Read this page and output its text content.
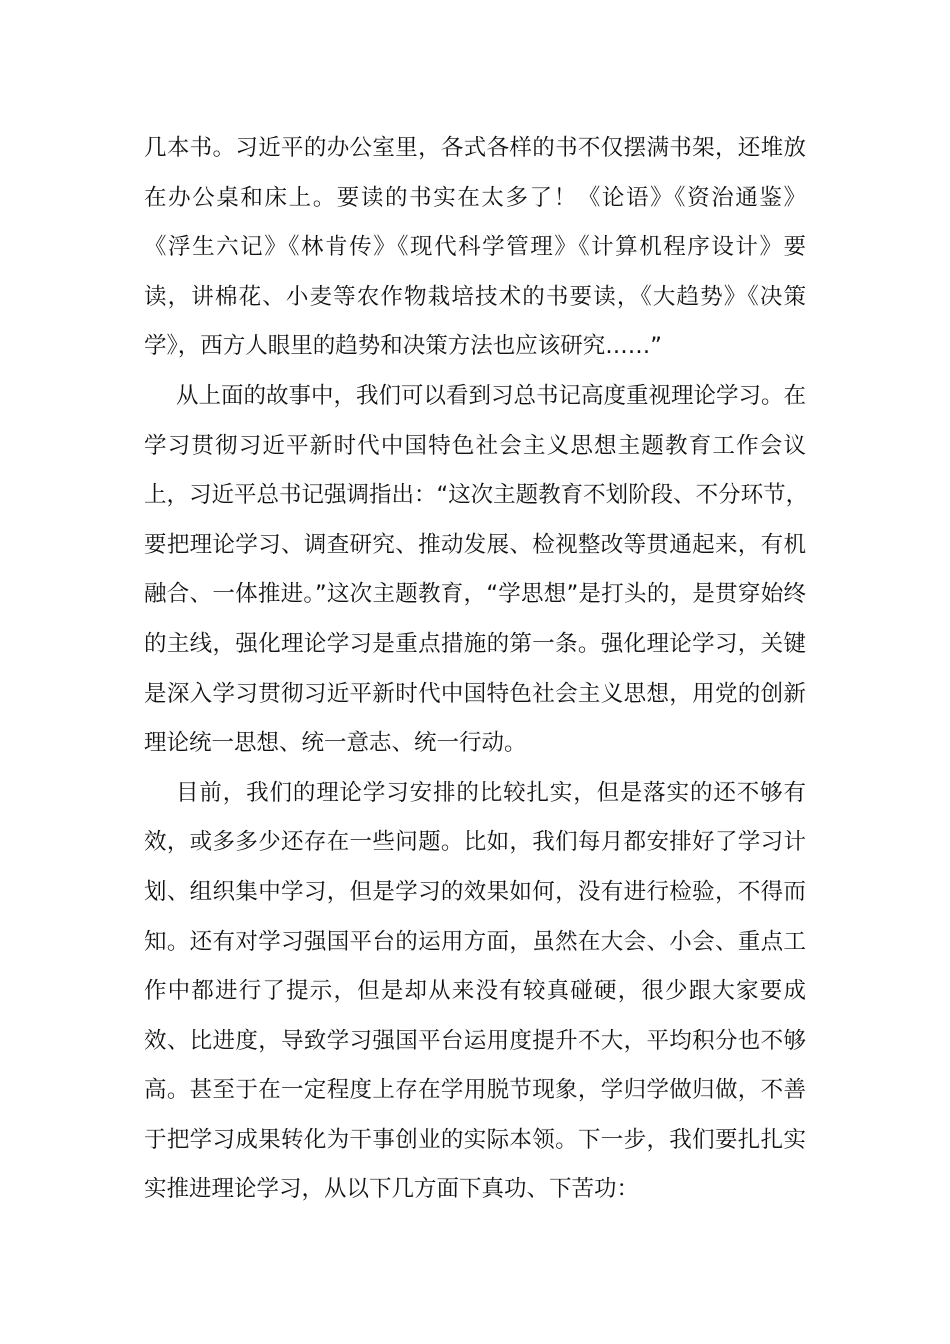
几本书。习近平的办公室里，各式各样的书不仅摆满书架，还堆放
在办公桌和床上。要读的书实在太多了！《论语》《资治通鉴》
《浮生六记》《林肯传》《现代科学管理》《计算机程序设计》要
读，讲棉花、小麦等农作物栽培技术的书要读，《大趋势》《决策
学》，西方人眼里的趋势和决策方法也应该研究……”
从上面的故事中，我们可以看到习总书记高度重视理论学习。在
学习贯彻习近平新时代中国特色社会主义思想主题教育工作会议
上，习近平总书记强调指出：“这次主题教育不划阶段、不分环节，
要把理论学习、调查研究、推动发展、检视整改等贯通起来，有机
融合、一体推进。”这次主题教育，“学思想”是打头的，是贯穿始终
的主线，强化理论学习是重点措施的第一条。强化理论学习，关键
是深入学习贯彻习近平新时代中国特色社会主义思想，用党的创新
理论统一思想、统一意志、统一行动。
目前，我们的理论学习安排的比较扎实，但是落实的还不够有
效，或多多少还存在一些问题。比如，我们每月都安排好了学习计
划、组织集中学习，但是学习的效果如何，没有进行检验，不得而
知。还有对学习强国平台的运用方面，虽然在大会、小会、重点工
作中都进行了提示，但是却从来没有较真碰硬，很少跟大家要成
效、比进度，导致学习强国平台运用度提升不大，平均积分也不够
高。甚至于在一定程度上存在学用脱节现象，学归学做归做，不善
于把学习成果转化为干事创业的实际本领。下一步，我们要扎扎实
实推进理论学习，从以下几方面下真功、下苦功：
